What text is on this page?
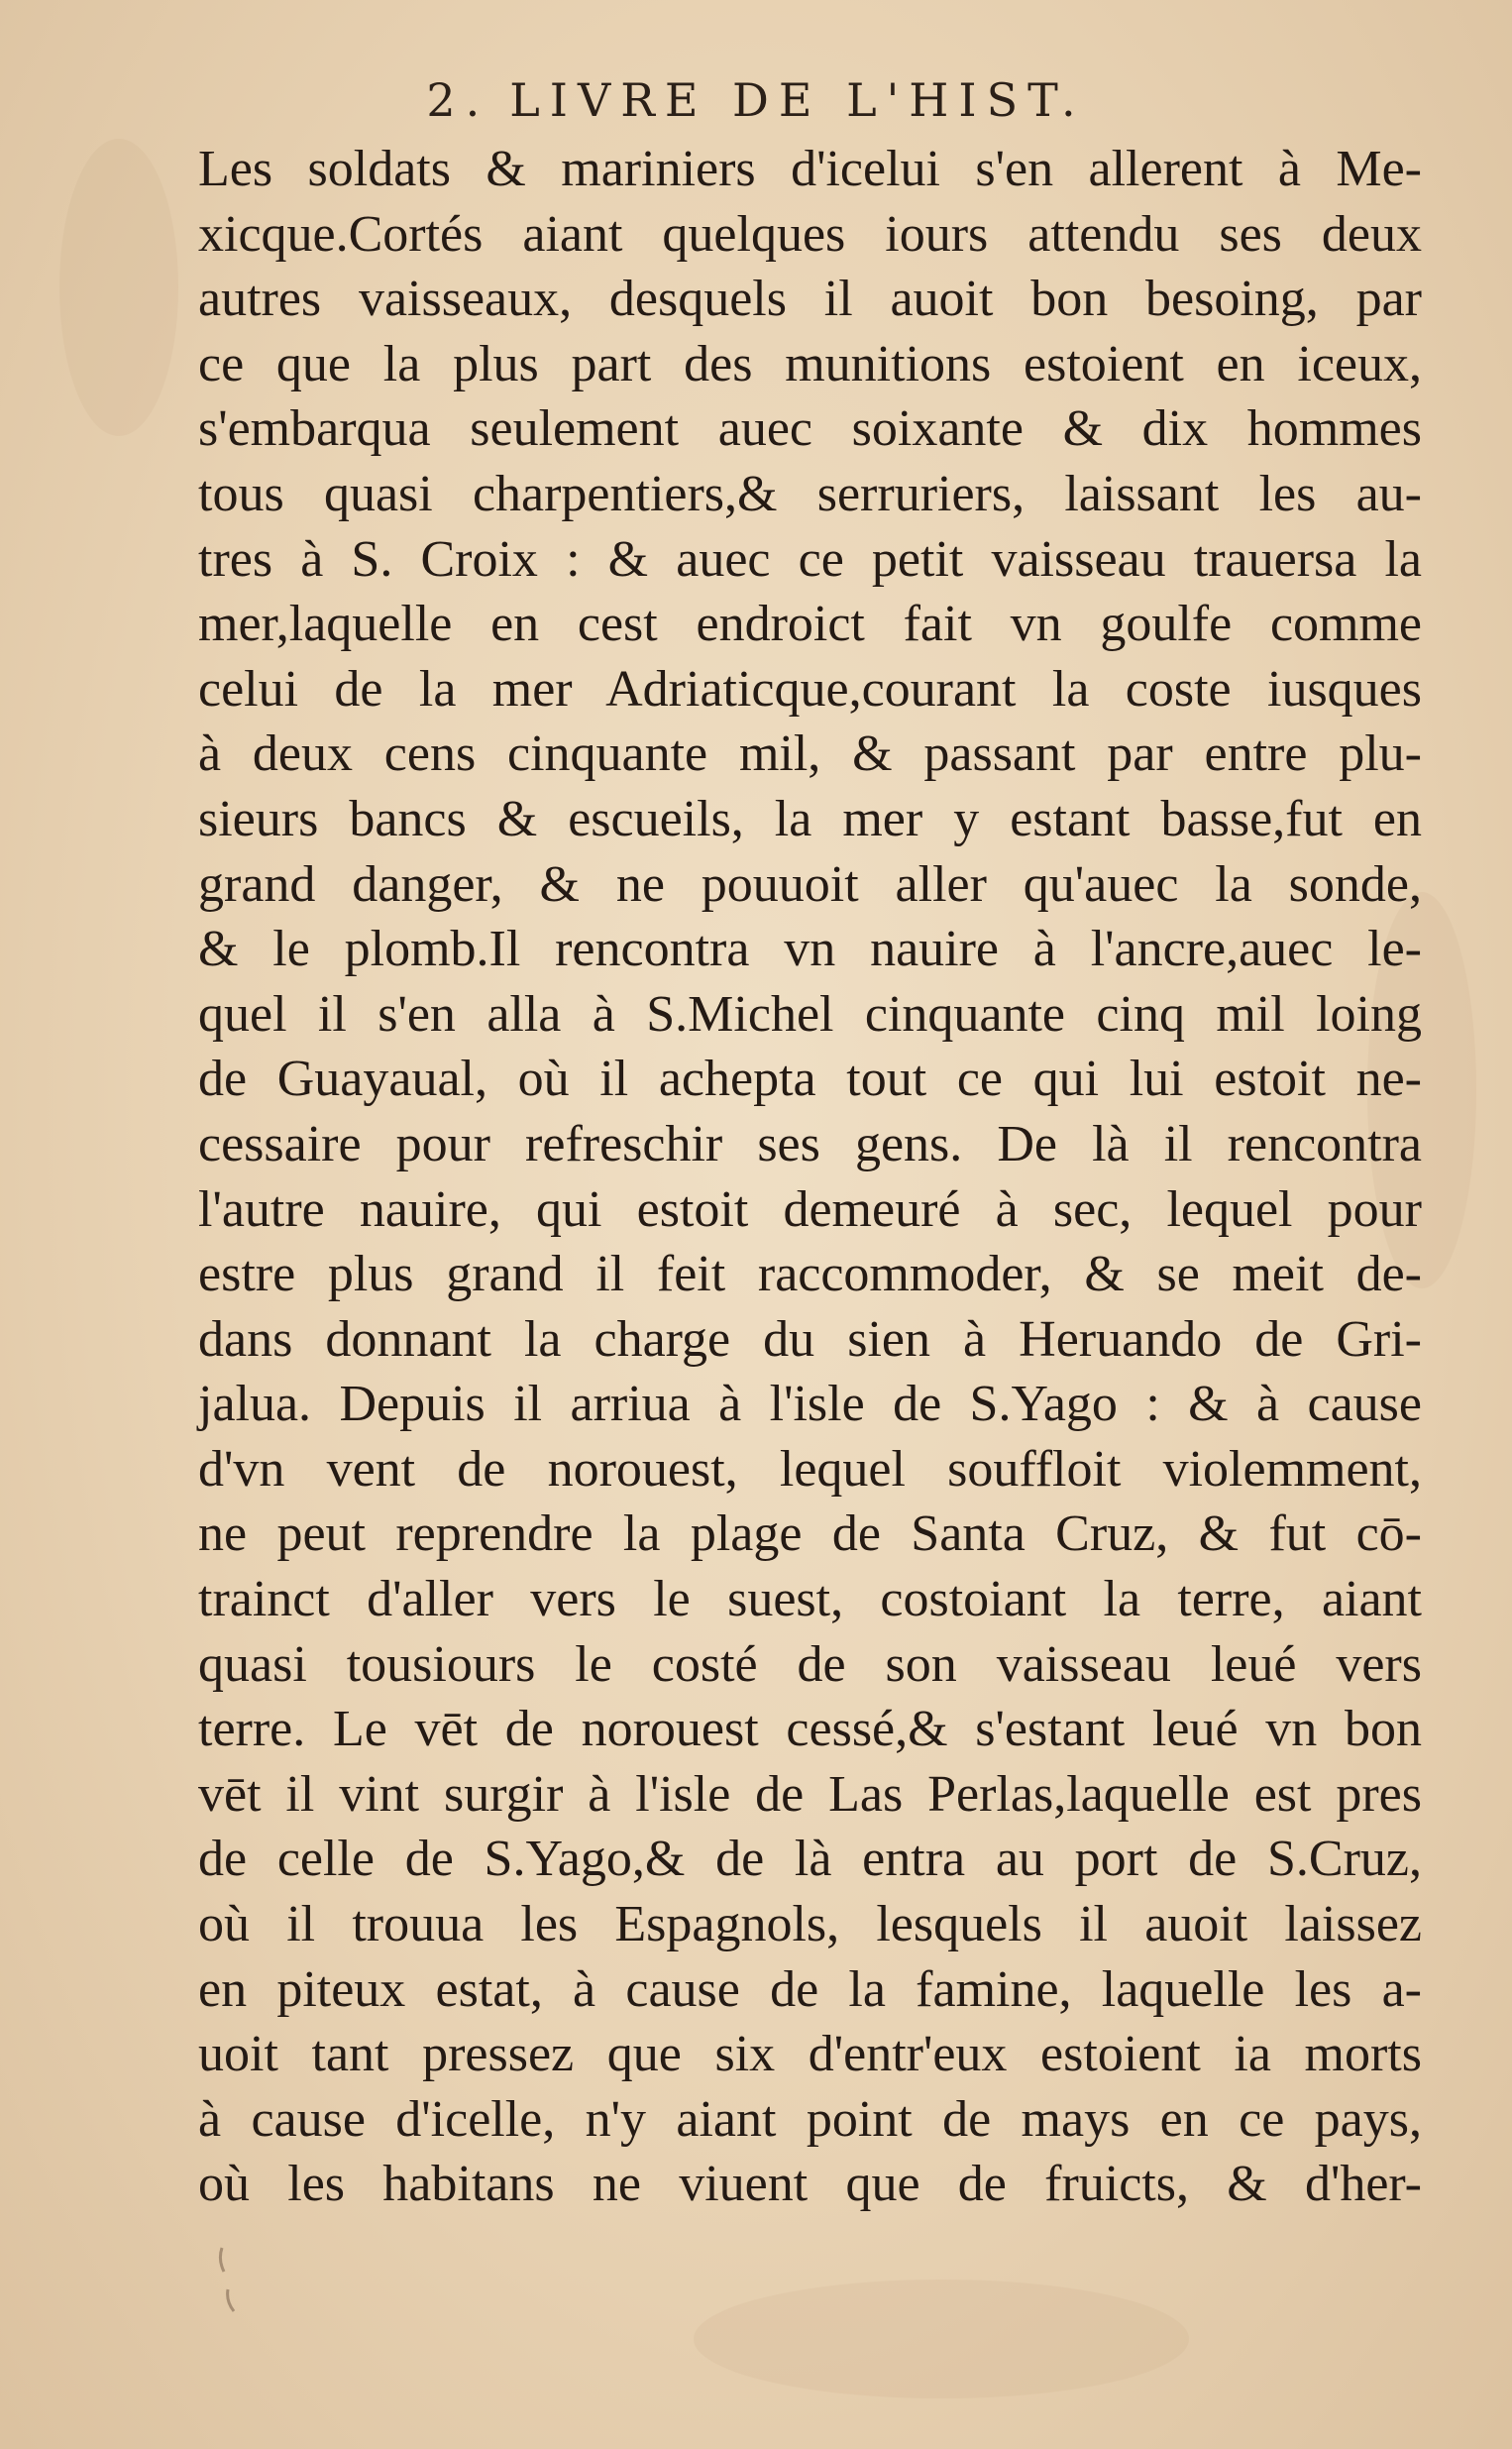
2. LIVRE DE L'HIST.
Les soldats & mariniers d'icelui s'en allerent à Me-
xicque.Cortés aiant quelques iours attendu ses deux
autres vaisseaux, desquels il auoit bon besoing, par
ce que la plus part des munitions estoient en iceux,
s'embarqua seulement auec soixante & dix hommes
tous quasi charpentiers,& serruriers, laissant les au-
tres à S. Croix : & auec ce petit vaisseau trauersa la
mer,laquelle en cest endroict fait vn goulfe comme
celui de la mer Adriaticque,courant la coste iusques
à deux cens cinquante mil, & passant par entre plu-
sieurs bancs & escueils, la mer y estant basse,fut en
grand danger, & ne pouuoit aller qu'auec la sonde,
& le plomb.Il rencontra vn nauire à l'ancre,auec le-
quel il s'en alla à S.Michel cinquante cinq mil loing
de Guayaual, où il achepta tout ce qui lui estoit ne-
cessaire pour refreschir ses gens. De là il rencontra
l'autre nauire, qui estoit demeuré à sec, lequel pour
estre plus grand il feit raccommoder, & se meit de-
dans donnant la charge du sien à Heruando de Gri-
jalua. Depuis il arriua à l'isle de S.Yago : & à cause
d'vn vent de norouest, lequel souffloit violemment,
ne peut reprendre la plage de Santa Cruz, & fut cō-
trainct d'aller vers le suest, costoiant la terre, aiant
quasi tousiours le costé de son vaisseau leué vers
terre. Le vēt de norouest cessé,& s'estant leué vn bon
vēt il vint surgir à l'isle de Las Perlas,laquelle est pres
de celle de S.Yago,& de là entra au port de S.Cruz,
où il trouua les Espagnols, lesquels il auoit laissez
en piteux estat, à cause de la famine, laquelle les a-
uoit tant pressez que six d'entr'eux estoient ia morts
à cause d'icelle, n'y aiant point de mays en ce pays,
où les habitans ne viuent que de fruicts, & d'her-
